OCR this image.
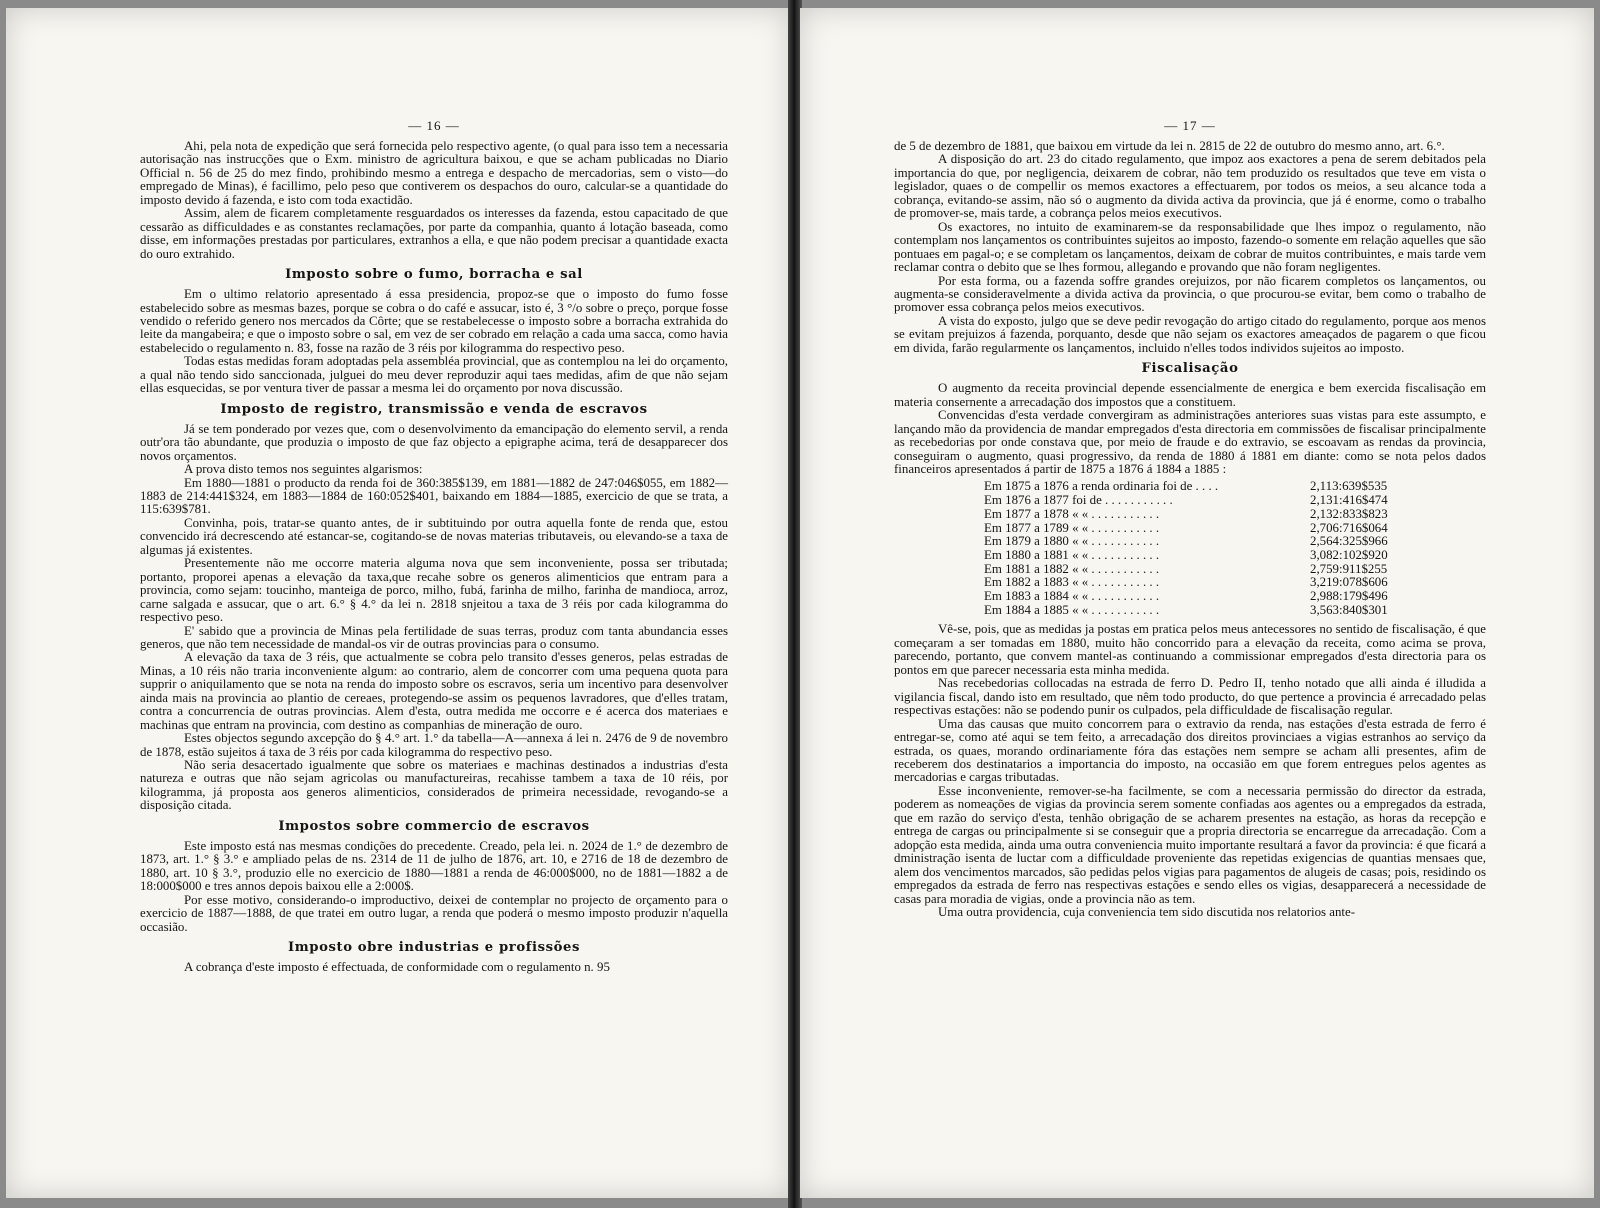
— 16 —

Ahi, pela nota de expedição que será fornecida pelo respectivo agente, (o qual para isso tem a necessaria autorisação nas instrucções que o Exm. ministro de agricultura baixou, e que se acham publicadas no Diario Official n. 56 de 25 do mez findo, prohibindo mesmo a entrega e despacho de mercadorias, sem o visto—do empregado de Minas), é facillimo, pelo peso que contiverem os despachos do ouro, calcular-se a quantidade do imposto devido á fazenda, e isto com toda exactidão.

Assim, alem de ficarem completamente resguardados os interesses da fazenda, estou capacitado de que cessarão as difficuldades e as constantes reclamações, por parte da companhia, quanto á lotação baseada, como disse, em informações prestadas por particulares, extranhos a ella, e que não podem precisar a quantidade exacta do ouro extrahido.

Imposto sobre o fumo, borracha e sal

Em o ultimo relatorio apresentado á essa presidencia, propoz-se que o imposto do fumo fosse estabelecido sobre as mesmas bazes, porque se cobra o do café e assucar, isto é, 3 °/o sobre o preço, porque fosse vendido o referido genero nos mercados da Côrte; que se restabelecesse o imposto sobre a borracha extrahida do leite da mangabeira; e que o imposto sobre o sal, em vez de ser cobrado em relação a cada uma sacca, como havia estabelecido o regulamento n. 83, fosse na razão de 3 réis por kilogramma do respectivo peso.

Todas estas medidas foram adoptadas pela assembléa provincial, que as contemplou na lei do orçamento, a qual não tendo sido sanccionada, julguei do meu dever reproduzir aqui taes medidas, afim de que não sejam ellas esquecidas, se por ventura tiver de passar a mesma lei do orçamento por nova discussão.

Imposto de registro, transmissão e venda de escravos

Já se tem ponderado por vezes que, com o desenvolvimento da emancipação do elemento servil, a renda outr'ora tão abundante, que produzia o imposto de que faz objecto a epigraphe acima, terá de desapparecer dos novos orçamentos.

A prova disto temos nos seguintes algarismos:

Em 1880—1881 o producto da renda foi de 360:385$139, em 1881—1882 de 247:046$055, em 1882—1883 de 214:441$324, em 1883—1884 de 160:052$401, baixando em 1884—1885, exercicio de que se trata, a 115:639$781.

Convinha, pois, tratar-se quanto antes, de ir subtituindo por outra aquella fonte de renda que, estou convencido irá decrescendo até estancar-se, cogitando-se de novas materias tributaveis, ou elevando-se a taxa de algumas já existentes.

Presentemente não me occorre materia alguma nova que sem inconveniente, possa ser tributada; portanto, proporei apenas a elevação da taxa,que recahe sobre os generos alimenticios que entram para a provincia, como sejam: toucinho, manteiga de porco, milho, fubá, farinha de milho, farinha de mandioca, arroz, carne salgada e assucar, que o art. 6.° § 4.° da lei n. 2818 snjeitou a taxa de 3 réis por cada kilogramma do respectivo peso.

E' sabido que a provincia de Minas pela fertilidade de suas terras, produz com tanta abundancia esses generos, que não tem necessidade de mandal-os vir de outras provincias para o consumo.

A elevação da taxa de 3 réis, que actualmente se cobra pelo transito d'esses generos, pelas estradas de Minas, a 10 réis não traria inconveniente algum: ao contrario, alem de concorrer com uma pequena quota para supprir o aniquilamento que se nota na renda do imposto sobre os escravos, seria um incentivo para desenvolver ainda mais na provincia ao plantio de cereaes, protegendo-se assim os pequenos lavradores, que d'elles tratam, contra a concurrencia de outras provincias. Alem d'esta, outra medida me occorre e é acerca dos materiaes e machinas que entram na provincia, com destino as companhias de mineração de ouro.

Estes objectos segundo axcepção do § 4.° art. 1.° da tabella—A—annexa á lei n. 2476 de 9 de novembro de 1878, estão sujeitos á taxa de 3 réis por cada kilogramma do respectivo peso.

Não seria desacertado igualmente que sobre os materiaes e machinas destinados a industrias d'esta natureza e outras que não sejam agricolas ou manufactureiras, recahisse tambem a taxa de 10 réis, por kilogramma, já proposta aos generos alimenticios, considerados de primeira necessidade, revogando-se a disposição citada.

Impostos sobre commercio de escravos

Este imposto está nas mesmas condições do precedente. Creado, pela lei. n. 2024 de 1.° de dezembro de 1873, art. 1.° § 3.° e ampliado pelas de ns. 2314 de 11 de julho de 1876, art. 10, e 2716 de 18 de dezembro de 1880, art. 10 § 3.°, produzio elle no exercicio de 1880—1881 a renda de 46:000$000, no de 1881—1882 a de 18:000$000 e tres annos depois baixou elle a 2:000$.

Por esse motivo, considerando-o improductivo, deixei de contemplar no projecto de orçamento para o exercicio de 1887—1888, de que tratei em outro lugar, a renda que poderá o mesmo imposto produzir n'aquella occasião.

Imposto obre industrias e profissões

A cobrança d'este imposto é effectuada, de conformidade com o regulamento n. 95

— 17 —

de 5 de dezembro de 1881, que baixou em virtude da lei n. 2815 de 22 de outubro do mesmo anno, art. 6.°.

A disposição do art. 23 do citado regulamento, que impoz aos exactores a pena de serem debitados pela importancia do que, por negligencia, deixarem de cobrar, não tem produzido os resultados que teve em vista o legislador, quaes o de compellir os memos exactores a effectuarem, por todos os meios, a seu alcance toda a cobrança, evitando-se assim, não só o augmento da divida activa da provincia, que já é enorme, como o trabalho de promover-se, mais tarde, a cobrança pelos meios executivos.

Os exactores, no intuito de examinarem-se da responsabilidade que lhes impoz o regulamento, não contemplam nos lançamentos os contribuintes sujeitos ao imposto, fazendo-o somente em relação aquelles que são pontuaes em pagal-o; e se completam os lançamentos, deixam de cobrar de muitos contribuintes, e mais tarde vem reclamar contra o debito que se lhes formou, allegando e provando que não foram negligentes.

Por esta forma, ou a fazenda soffre grandes orejuizos, por não ficarem completos os lançamentos, ou augmenta-se consideravelmente a divida activa da provincia, o que procurou-se evitar, bem como o trabalho de promover essa cobrança pelos meios executivos.

A vista do exposto, julgo que se deve pedir revogação do artigo citado do regulamento, porque aos menos se evitam prejuizos á fazenda, porquanto, desde que não sejam os exactores ameaçados de pagarem o que ficou em divida, farão regularmente os lançamentos, incluido n'elles todos individos sujeitos ao imposto.

Fiscalisação

O augmento da receita provincial depende essencialmente de energica e bem exercida fiscalisação em materia consernente a arrecadação dos impostos que a constituem.

Convencidas d'esta verdade convergiram as administrações anteriores suas vistas para este assumpto, e lançando mão da providencia de mandar empregados d'esta directoria em commissões de fiscalisar principalmente as recebedorias por onde constava que, por meio de fraude e do extravio, se escoavam as rendas da provincia, conseguiram o augmento, quasi progressivo, da renda de 1880 á 1881 em diante: como se nota pelos dados financeiros apresentados á partir de 1875 a 1876 á 1884 a 1885 :

Em 1875 a 1876 a renda ordinaria foi de . . . .	2,113:639$535
Em 1876 a 1877 foi de . . . . . . . . . . .	2,131:416$474
Em 1877 a 1878 « « . . . . . . . . . . .	2,132:833$823
Em 1877 a 1789 « « . . . . . . . . . . .	2,706:716$064
Em 1879 a 1880 « « . . . . . . . . . . .	2,564:325$966
Em 1880 a 1881 « « . . . . . . . . . . .	3,082:102$920
Em 1881 a 1882 « « . . . . . . . . . . .	2,759:911$255
Em 1882 a 1883 « « . . . . . . . . . . .	3,219:078$606
Em 1883 a 1884 « « . . . . . . . . . . .	2,988:179$496
Em 1884 a 1885 « « . . . . . . . . . . .	3,563:840$301

Vê-se, pois, que as medidas ja postas em pratica pelos meus antecessores no sentido de fiscalisação, é que começaram a ser tomadas em 1880, muito hão concorrido para a elevação da receita, como acima se prova, parecendo, portanto, que convem mantel-as continuando a commissionar empregados d'esta directoria para os pontos em que parecer necessaria esta minha medida.

Nas recebedorias collocadas na estrada de ferro D. Pedro II, tenho notado que alli ainda é illudida a vigilancia fiscal, dando isto em resultado, que nêm todo producto, do que pertence a provincia é arrecadado pelas respectivas estações: não se podendo punir os culpados, pela difficuldade de fiscalisação regular.

Uma das causas que muito concorrem para o extravio da renda, nas estações d'esta estrada de ferro é entregar-se, como até aqui se tem feito, a arrecadação dos direitos provinciaes a vigias estranhos ao serviço da estrada, os quaes, morando ordinariamente fóra das estações nem sempre se acham alli presentes, afim de receberem dos destinatarios a importancia do imposto, na occasião em que forem entregues pelos agentes as mercadorias e cargas tributadas.

Esse inconveniente, remover-se-ha facilmente, se com a necessaria permissão do director da estrada, poderem as nomeações de vigias da provincia serem somente confiadas aos agentes ou a empregados da estrada, que em razão do serviço d'esta, tenhão obrigação de se acharem presentes na estação, as horas da recepção e entrega de cargas ou principalmente si se conseguir que a propria directoria se encarregue da arrecadação. Com a adopção esta medida, ainda uma outra conveniencia muito importante resultará a favor da provincia: é que ficará a dministração isenta de luctar com a difficuldade proveniente das repetidas exigencias de quantias mensaes que, alem dos vencimentos marcados, são pedidas pelos vigias para pagamentos de alugeis de casas; pois, residindo os empregados da estrada de ferro nas respectivas estações e sendo elles os vigias, desapparecerá a necessidade de casas para moradia de vigias, onde a provincia não as tem.

Uma outra providencia, cuja conveniencia tem sido discutida nos relatorios ante-
